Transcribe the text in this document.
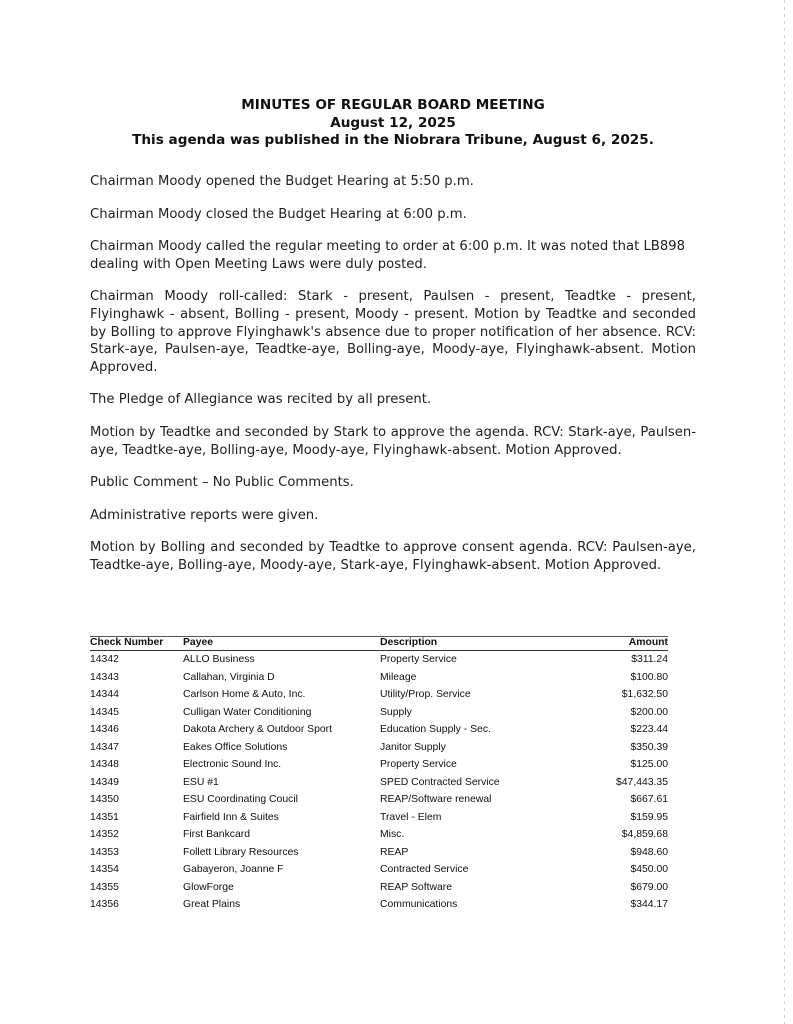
MINUTES OF REGULAR BOARD MEETING
August 12, 2025
This agenda was published in the Niobrara Tribune, August 6, 2025.

Chairman Moody opened the Budget Hearing at 5:50 p.m.

Chairman Moody closed the Budget Hearing at 6:00 p.m.

Chairman Moody called the regular meeting to order at 6:00 p.m. It was noted that LB898 dealing with Open Meeting Laws were duly posted.

Chairman Moody roll-called: Stark - present, Paulsen - present, Teadtke - present, Flyinghawk - absent, Bolling - present, Moody - present. Motion by Teadtke and seconded by Bolling to approve Flyinghawk's absence due to proper notification of her absence. RCV: Stark-aye, Paulsen-aye, Teadtke-aye, Bolling-aye, Moody-aye, Flyinghawk-absent. Motion Approved.

The Pledge of Allegiance was recited by all present.

Motion by Teadtke and seconded by Stark to approve the agenda. RCV: Stark-aye, Paulsen-aye, Teadtke-aye, Bolling-aye, Moody-aye, Flyinghawk-absent. Motion Approved.

Public Comment – No Public Comments.

Administrative reports were given.

Motion by Bolling and seconded by Teadtke to approve consent agenda. RCV: Paulsen-aye, Teadtke-aye, Bolling-aye, Moody-aye, Stark-aye, Flyinghawk-absent. Motion Approved.

Check Number	Payee	Description	Amount
14342	ALLO Business	Property Service	$311.24
14343	Callahan, Virginia D	Mileage	$100.80
14344	Carlson Home & Auto, Inc.	Utility/Prop. Service	$1,632.50
14345	Culligan Water Conditioning	Supply	$200.00
14346	Dakota Archery & Outdoor Sport	Education Supply - Sec.	$223.44
14347	Eakes Office Solutions	Janitor Supply	$350.39
14348	Electronic Sound Inc.	Property Service	$125.00
14349	ESU #1	SPED Contracted Service	$47,443.35
14350	ESU Coordinating Coucil	REAP/Software renewal	$667.61
14351	Fairfield Inn & Suites	Travel - Elem	$159.95
14352	First Bankcard	Misc.	$4,859.68
14353	Follett Library Resources	REAP	$948.60
14354	Gabayeron, Joanne F	Contracted Service	$450.00
14355	GlowForge	REAP Software	$679.00
14356	Great Plains	Communications	$344.17
